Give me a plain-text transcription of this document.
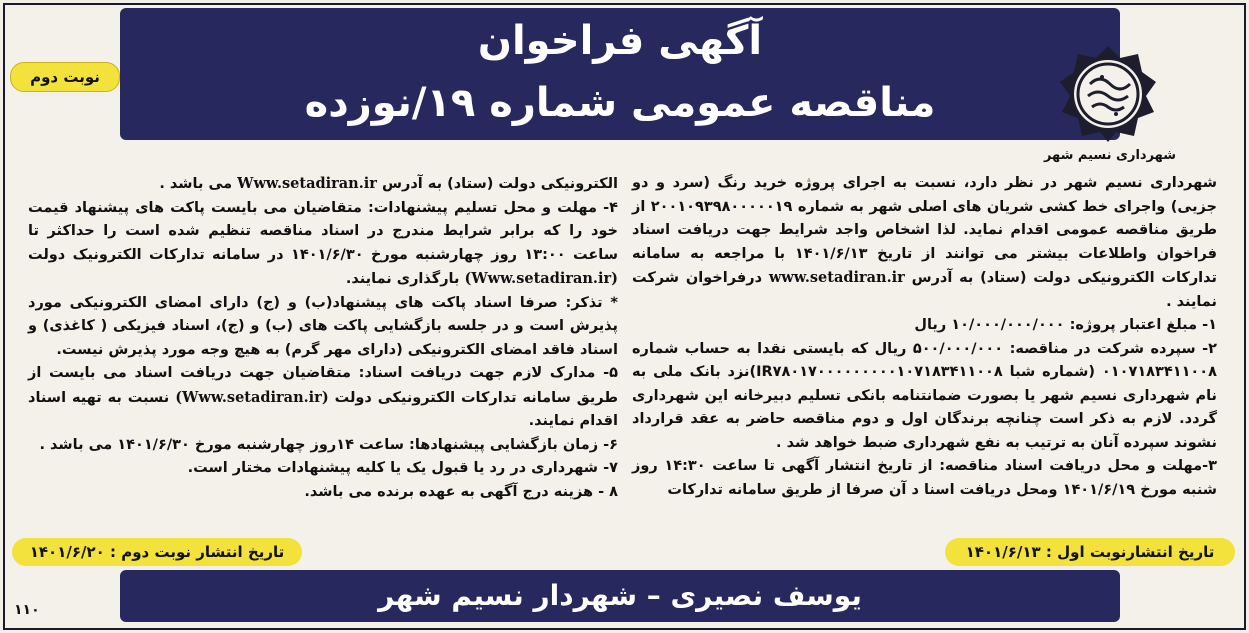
آگهی فراخوان
مناقصه عمومی شماره ۱۹/نوزده
نوبت دوم
شهرداری نسیم شهر

شهرداری نسیم شهر در نظر دارد، نسبت به اجرای پروژه خرید رنگ (سرد و دو جزیی) واجرای خط کشی شریان های اصلی شهر به شماره ۲۰۰۱۰۹۳۹۸۰۰۰۰۰۱۹ از طریق مناقصه عمومی اقدام نماید. لذا اشخاص واجد شرایط جهت دریافت اسناد فراخوان واطلاعات بیشتر می توانند از تاریخ ۱۴۰۱/۶/۱۳ با مراجعه به سامانه تدارکات الکترونیکی دولت (ستاد) به آدرس www.setadiran.ir درفراخوان شرکت نمایند .

۱- مبلغ اعتبار پروژه: ۱۰/۰۰۰/۰۰۰/۰۰۰ ریال

۲- سپرده شرکت در مناقصه: ۵۰۰/۰۰۰/۰۰۰ ریال که بایستی نقدا به حساب شماره ۰۱۰۷۱۸۳۴۱۱۰۰۸ (شماره شبا IR۷۸۰۱۷۰۰۰۰۰۰۰۰۰۱۰۷۱۸۳۴۱۱۰۰۸)نزد بانک ملی به نام شهرداری نسیم شهر یا بصورت ضمانتنامه بانکی تسلیم دبیرخانه این شهرداری گردد. لازم به ذکر است چنانچه برندگان اول و دوم مناقصه حاضر به عقد قرارداد نشوند سپرده آنان به ترتیب به نفع شهرداری ضبط خواهد شد .

۳-مهلت و محل دریافت اسناد مناقصه: از تاریخ انتشار آگهی تا ساعت ۱۴:۳۰ روز شنبه مورخ ۱۴۰۱/۶/۱۹ ومحل دریافت اسنا د آن صرفا از طریق سامانه تدارکات

الکترونیکی دولت (ستاد) به آدرس Www.setadiran.ir می باشد .

۴- مهلت و محل تسلیم پیشنهادات: متقاضیان می بایست پاکت های پیشنهاد قیمت خود را که برابر شرایط مندرج در اسناد مناقصه تنظیم شده است را حداکثر تا ساعت ۱۳:۰۰ روز چهارشنبه مورخ ۱۴۰۱/۶/۳۰ در سامانه تدارکات الکترونیک دولت (Www.setadiran.ir) بارگذاری نمایند.

* تذکر: صرفا اسناد پاکت های پیشنهاد(ب) و (ج) دارای امضای الکترونیکی مورد پذیرش است و در جلسه بازگشایی پاکت های (ب) و (ج)، اسناد فیزیکی ( کاغذی) و اسناد فاقد امضای الکترونیکی (دارای مهر گرم) به هیچ وجه مورد پذیرش نیست.

۵- مدارک لازم جهت دریافت اسناد: متقاضیان جهت دریافت اسناد می بایست از طریق سامانه تدارکات الکترونیکی دولت (Www.setadiran.ir) نسبت به تهیه اسناد اقدام نمایند.

۶- زمان بازگشایی پیشنهادها: ساعت ۱۴روز چهارشنبه مورخ ۱۴۰۱/۶/۳۰ می باشد .

۷- شهرداری در رد یا قبول یک یا کلیه پیشنهادات مختار است.

۸ - هزینه درج آگهی به عهده برنده می باشد.

تاریخ انتشارنوبت اول : ۱۴۰۱/۶/۱۳
تاریخ انتشار نوبت دوم : ۱۴۰۱/۶/۲۰
یوسف نصیری – شهردار نسیم شهر
۱۱۰
